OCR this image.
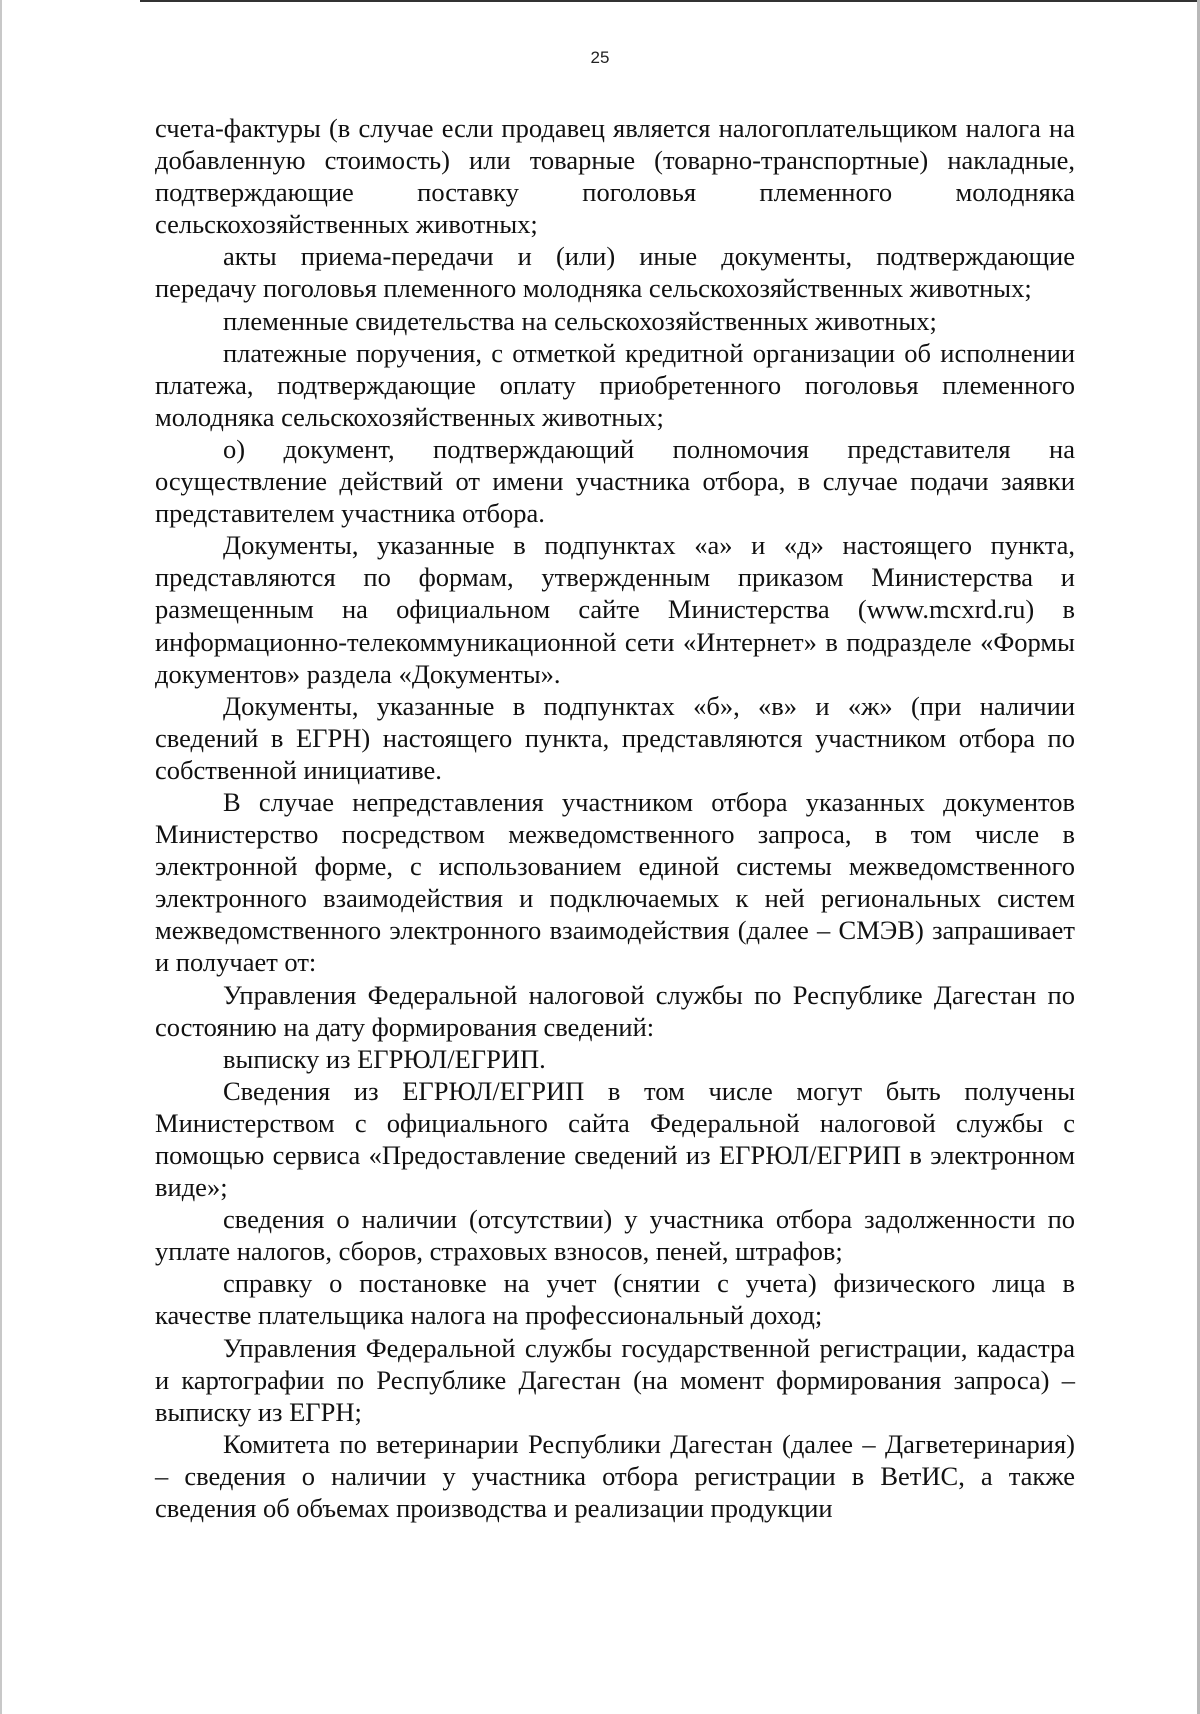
25

счета-фактуры (в случае если продавец является налогоплательщиком налога на добавленную стоимость) или товарные (товарно-транспортные) накладные, подтверждающие поставку поголовья племенного молодняка сельскохозяйственных животных;

акты приема-передачи и (или) иные документы, подтверждающие передачу поголовья племенного молодняка сельскохозяйственных животных;

племенные свидетельства на сельскохозяйственных животных;

платежные поручения, с отметкой кредитной организации об исполнении платежа, подтверждающие оплату приобретенного поголовья племенного молодняка сельскохозяйственных животных;

о) документ, подтверждающий полномочия представителя на осуществление действий от имени участника отбора, в случае подачи заявки представителем участника отбора.

Документы, указанные в подпунктах «а» и «д» настоящего пункта, представляются по формам, утвержденным приказом Министерства и размещенным на официальном сайте Министерства (www.mcxrd.ru) в информационно-телекоммуникационной сети «Интернет» в подразделе «Формы документов» раздела «Документы».

Документы, указанные в подпунктах «б», «в» и «ж» (при наличии сведений в ЕГРН) настоящего пункта, представляются участником отбора по собственной инициативе.

В случае непредставления участником отбора указанных документов Министерство посредством межведомственного запроса, в том числе в электронной форме, с использованием единой системы межведомственного электронного взаимодействия и подключаемых к ней региональных систем межведомственного электронного взаимодействия (далее – СМЭВ) запрашивает и получает от:

Управления Федеральной налоговой службы по Республике Дагестан по состоянию на дату формирования сведений:

выписку из ЕГРЮЛ/ЕГРИП.

Сведения из ЕГРЮЛ/ЕГРИП в том числе могут быть получены Министерством с официального сайта Федеральной налоговой службы с помощью сервиса «Предоставление сведений из ЕГРЮЛ/ЕГРИП в электронном виде»;

сведения о наличии (отсутствии) у участника отбора задолженности по уплате налогов, сборов, страховых взносов, пеней, штрафов;

справку о постановке на учет (снятии с учета) физического лица в качестве плательщика налога на профессиональный доход;

Управления Федеральной службы государственной регистрации, кадастра и картографии по Республике Дагестан (на момент формирования запроса) – выписку из ЕГРН;

Комитета по ветеринарии Республики Дагестан (далее – Дагветеринария) – сведения о наличии у участника отбора регистрации в ВетИС, а также сведения об объемах производства и реализации продукции
